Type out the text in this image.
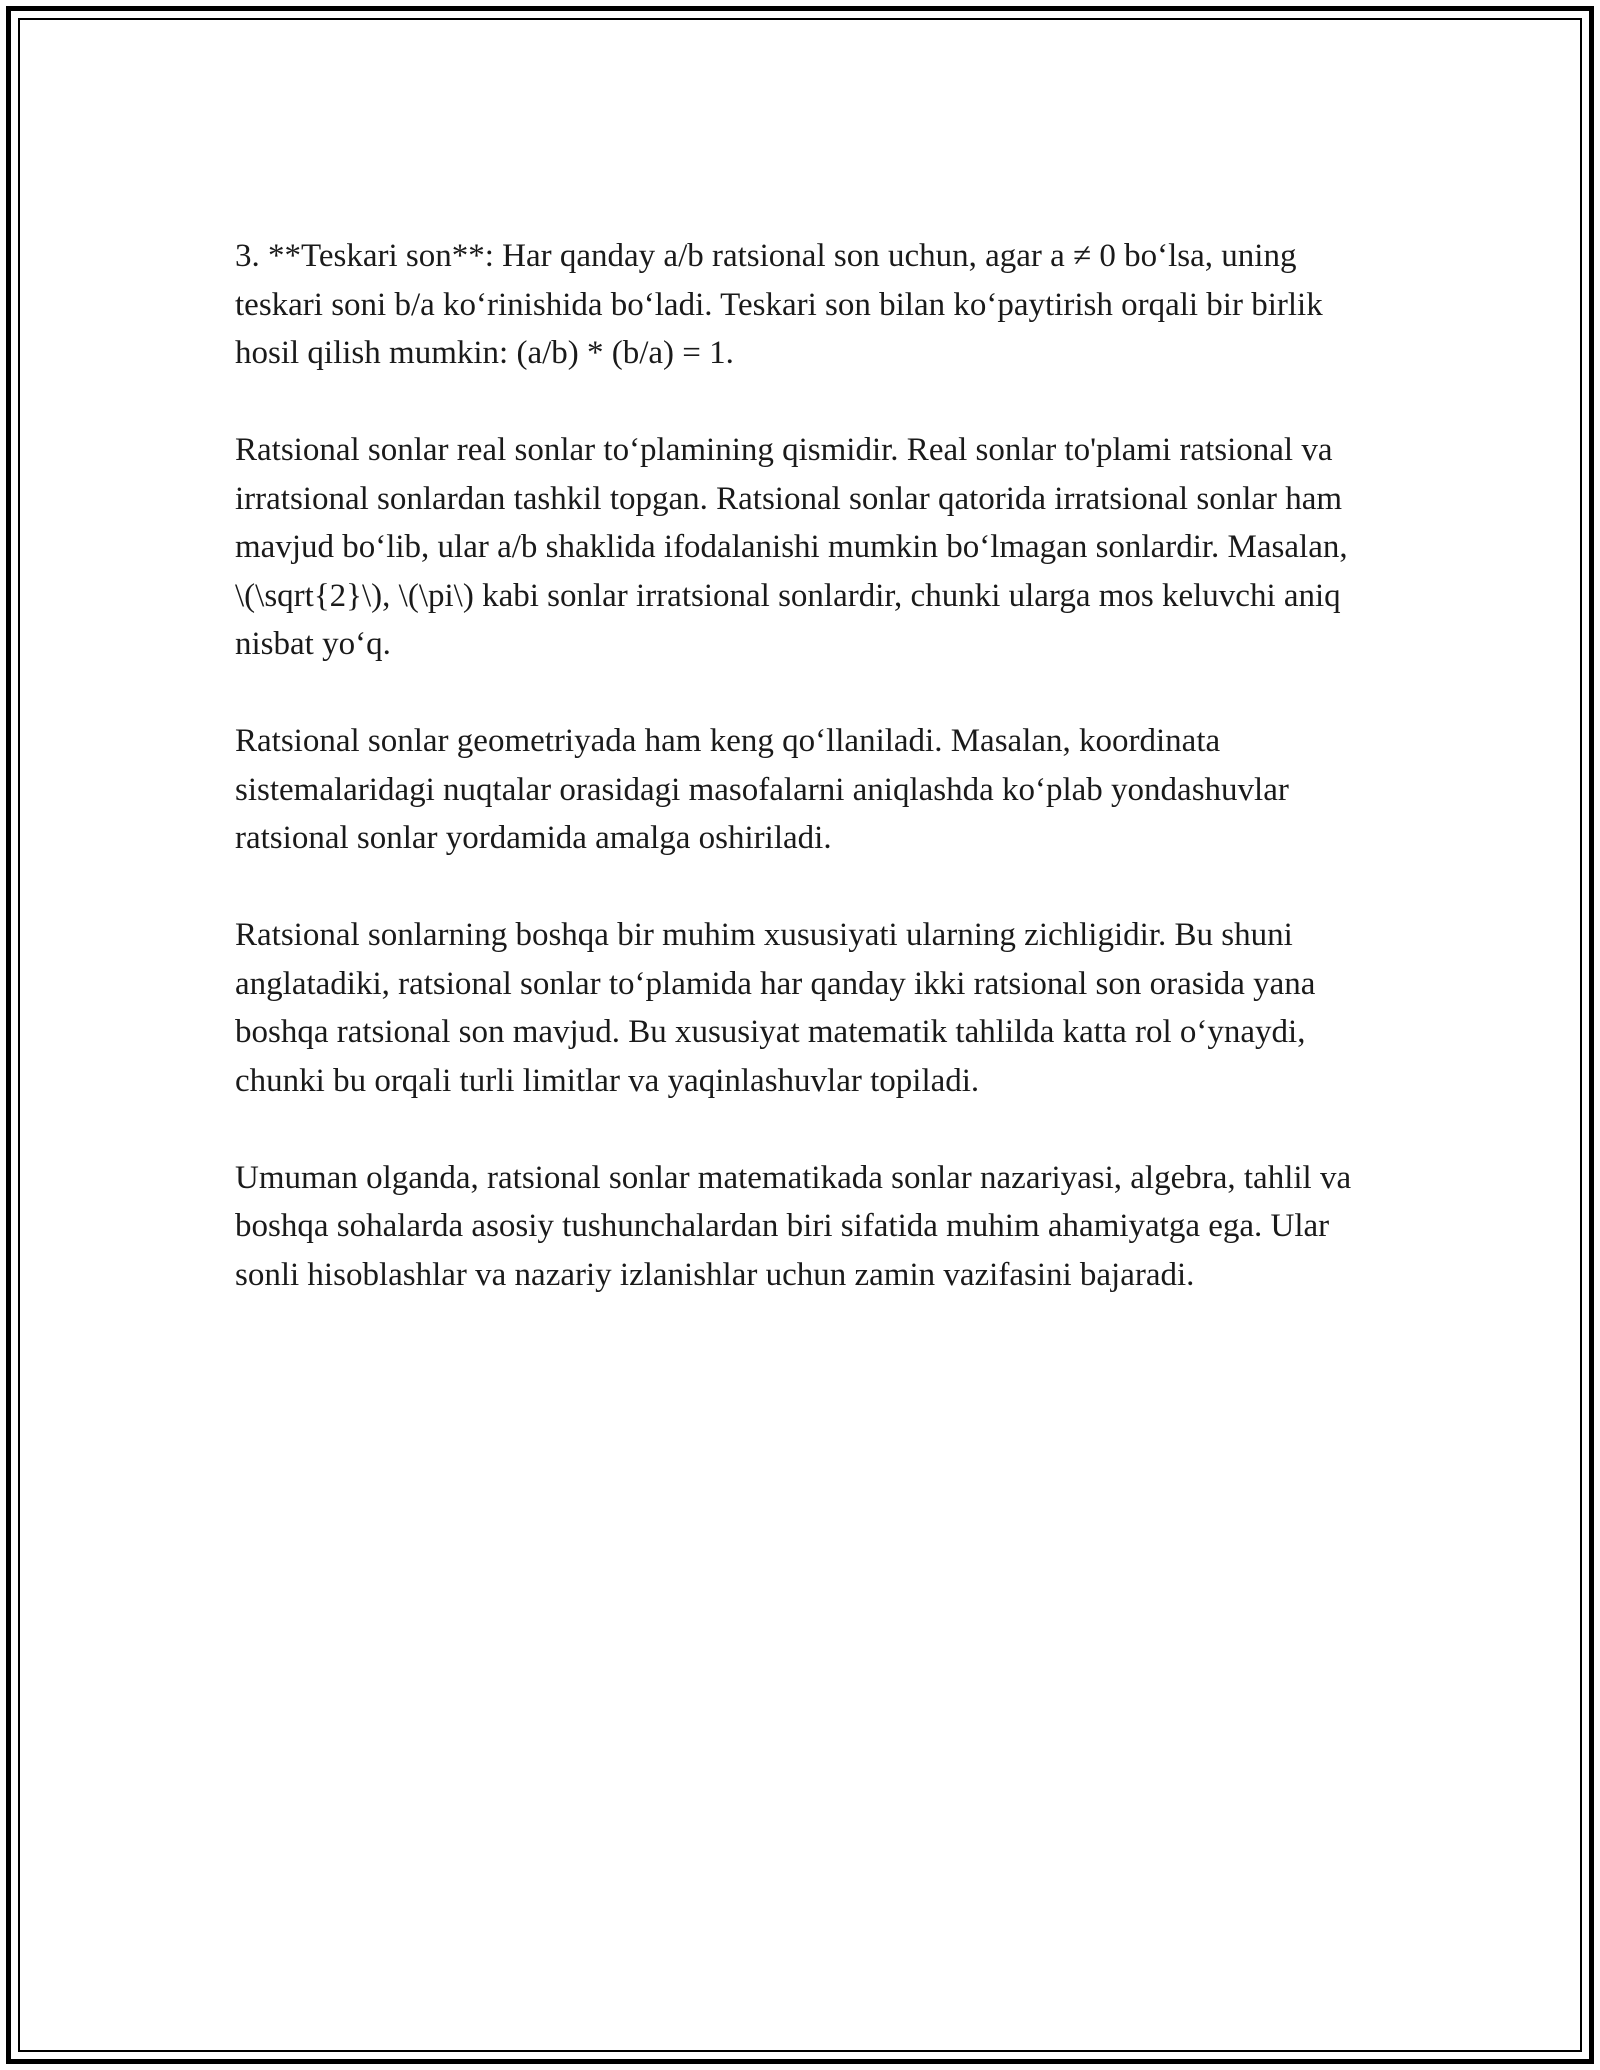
3. **Teskari son**: Har qanday a/b ratsional son uchun, agar a ≠ 0 bo‘lsa, uning teskari soni b/a ko‘rinishida bo‘ladi. Teskari son bilan ko‘paytirish orqali bir birlik hosil qilish mumkin: (a/b) * (b/a) = 1.

Ratsional sonlar real sonlar to‘plamining qismidir. Real sonlar to'plami ratsional va irratsional sonlardan tashkil topgan. Ratsional sonlar qatorida irratsional sonlar ham mavjud bo‘lib, ular a/b shaklida ifodalanishi mumkin bo‘lmagan sonlardir. Masalan, \(\sqrt{2}\), \(\pi\) kabi sonlar irratsional sonlardir, chunki ularga mos keluvchi aniq nisbat yo‘q.

Ratsional sonlar geometriyada ham keng qo‘llaniladi. Masalan, koordinata sistemalaridagi nuqtalar orasidagi masofalarni aniqlashda ko‘plab yondashuvlar ratsional sonlar yordamida amalga oshiriladi.

Ratsional sonlarning boshqa bir muhim xususiyati ularning zichligidir. Bu shuni anglatadiki, ratsional sonlar to‘plamida har qanday ikki ratsional son orasida yana boshqa ratsional son mavjud. Bu xususiyat matematik tahlilda katta rol o‘ynaydi, chunki bu orqali turli limitlar va yaqinlashuvlar topiladi.

Umuman olganda, ratsional sonlar matematikada sonlar nazariyasi, algebra, tahlil va boshqa sohalarda asosiy tushunchalardan biri sifatida muhim ahamiyatga ega. Ular sonli hisoblashlar va nazariy izlanishlar uchun zamin vazifasini bajaradi.
